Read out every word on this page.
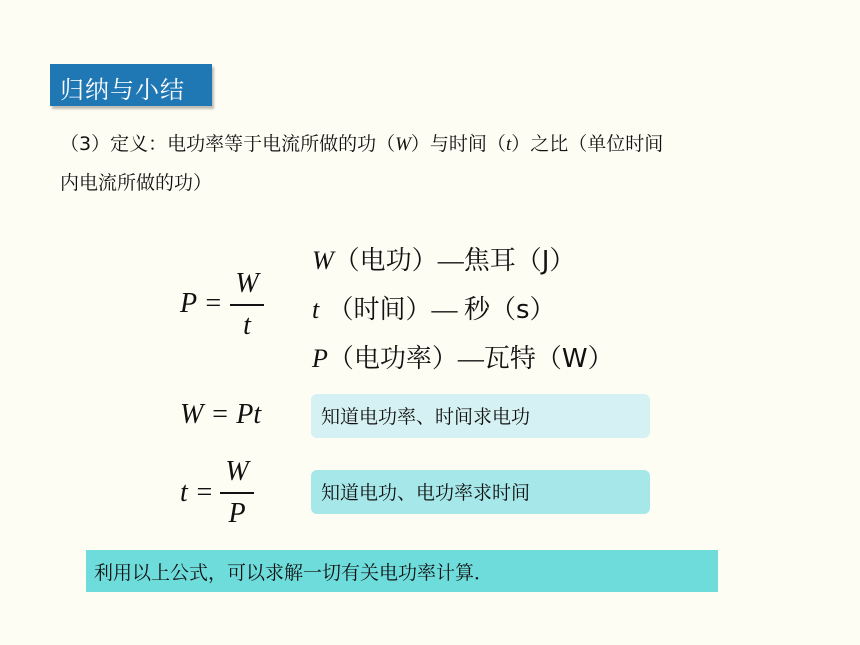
归纳与小结
（3）定义：电功率等于电流所做的功（W）与时间（t）之比（单位时间
内电流所做的功）
P =
W
t
W（电功）—焦耳（J）
t （时间）— 秒（s）
P（电功率）—瓦特（W）
W = Pt	知道电功率、时间求电功
t =
W
P
知道电功、电功率求时间
利用以上公式，可以求解一切有关电功率计算．
